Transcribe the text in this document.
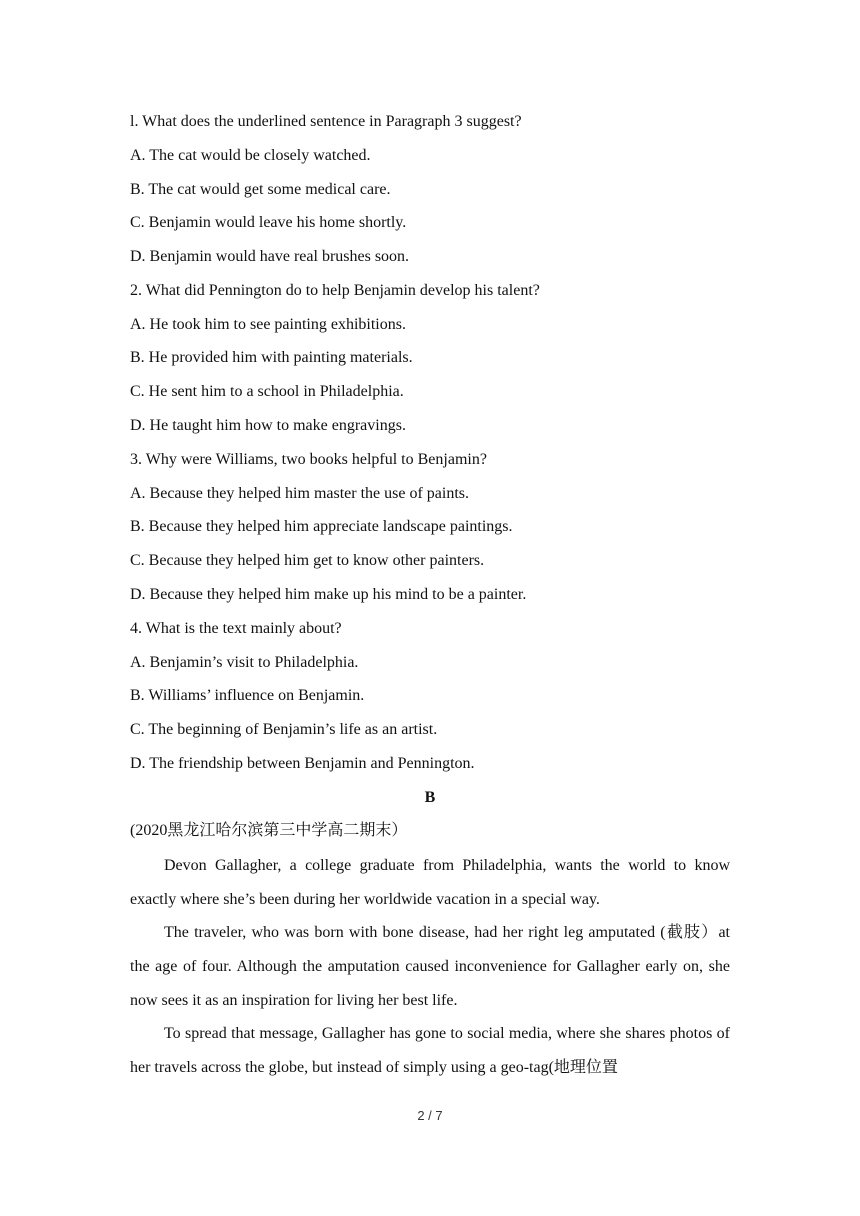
l. What does the underlined sentence in Paragraph 3 suggest?
A. The cat would be closely watched.
B. The cat would get some medical care.
C. Benjamin would leave his home shortly.
D. Benjamin would have real brushes soon.
2. What did Pennington do to help Benjamin develop his talent?
A. He took him to see painting exhibitions.
B. He provided him with painting materials.
C. He sent him to a school in Philadelphia.
D. He taught him how to make engravings.
3. Why were Williams, two books helpful to Benjamin?
A. Because they helped him master the use of paints.
B. Because they helped him appreciate landscape paintings.
C. Because they helped him get to know other painters.
D. Because they helped him make up his mind to be a painter.
4. What is the text mainly about?
A. Benjamin’s visit to Philadelphia.
B. Williams’ influence on Benjamin.
C. The beginning of Benjamin’s life as an artist.
D. The friendship between Benjamin and Pennington.
B
(2020黑龙江哈尔滨第三中学高二期末）
Devon Gallagher, a college graduate from Philadelphia, wants the world to know exactly where she’s been during her worldwide vacation in a special way.
The traveler, who was born with bone disease, had her right leg amputated (截肢）at the age of four. Although the amputation caused inconvenience for Gallagher early on, she now sees it as an inspiration for living her best life.
To spread that message, Gallagher has gone to social media, where she shares photos of her travels across the globe, but instead of simply using a geo-tag(地理位置
2 / 7
